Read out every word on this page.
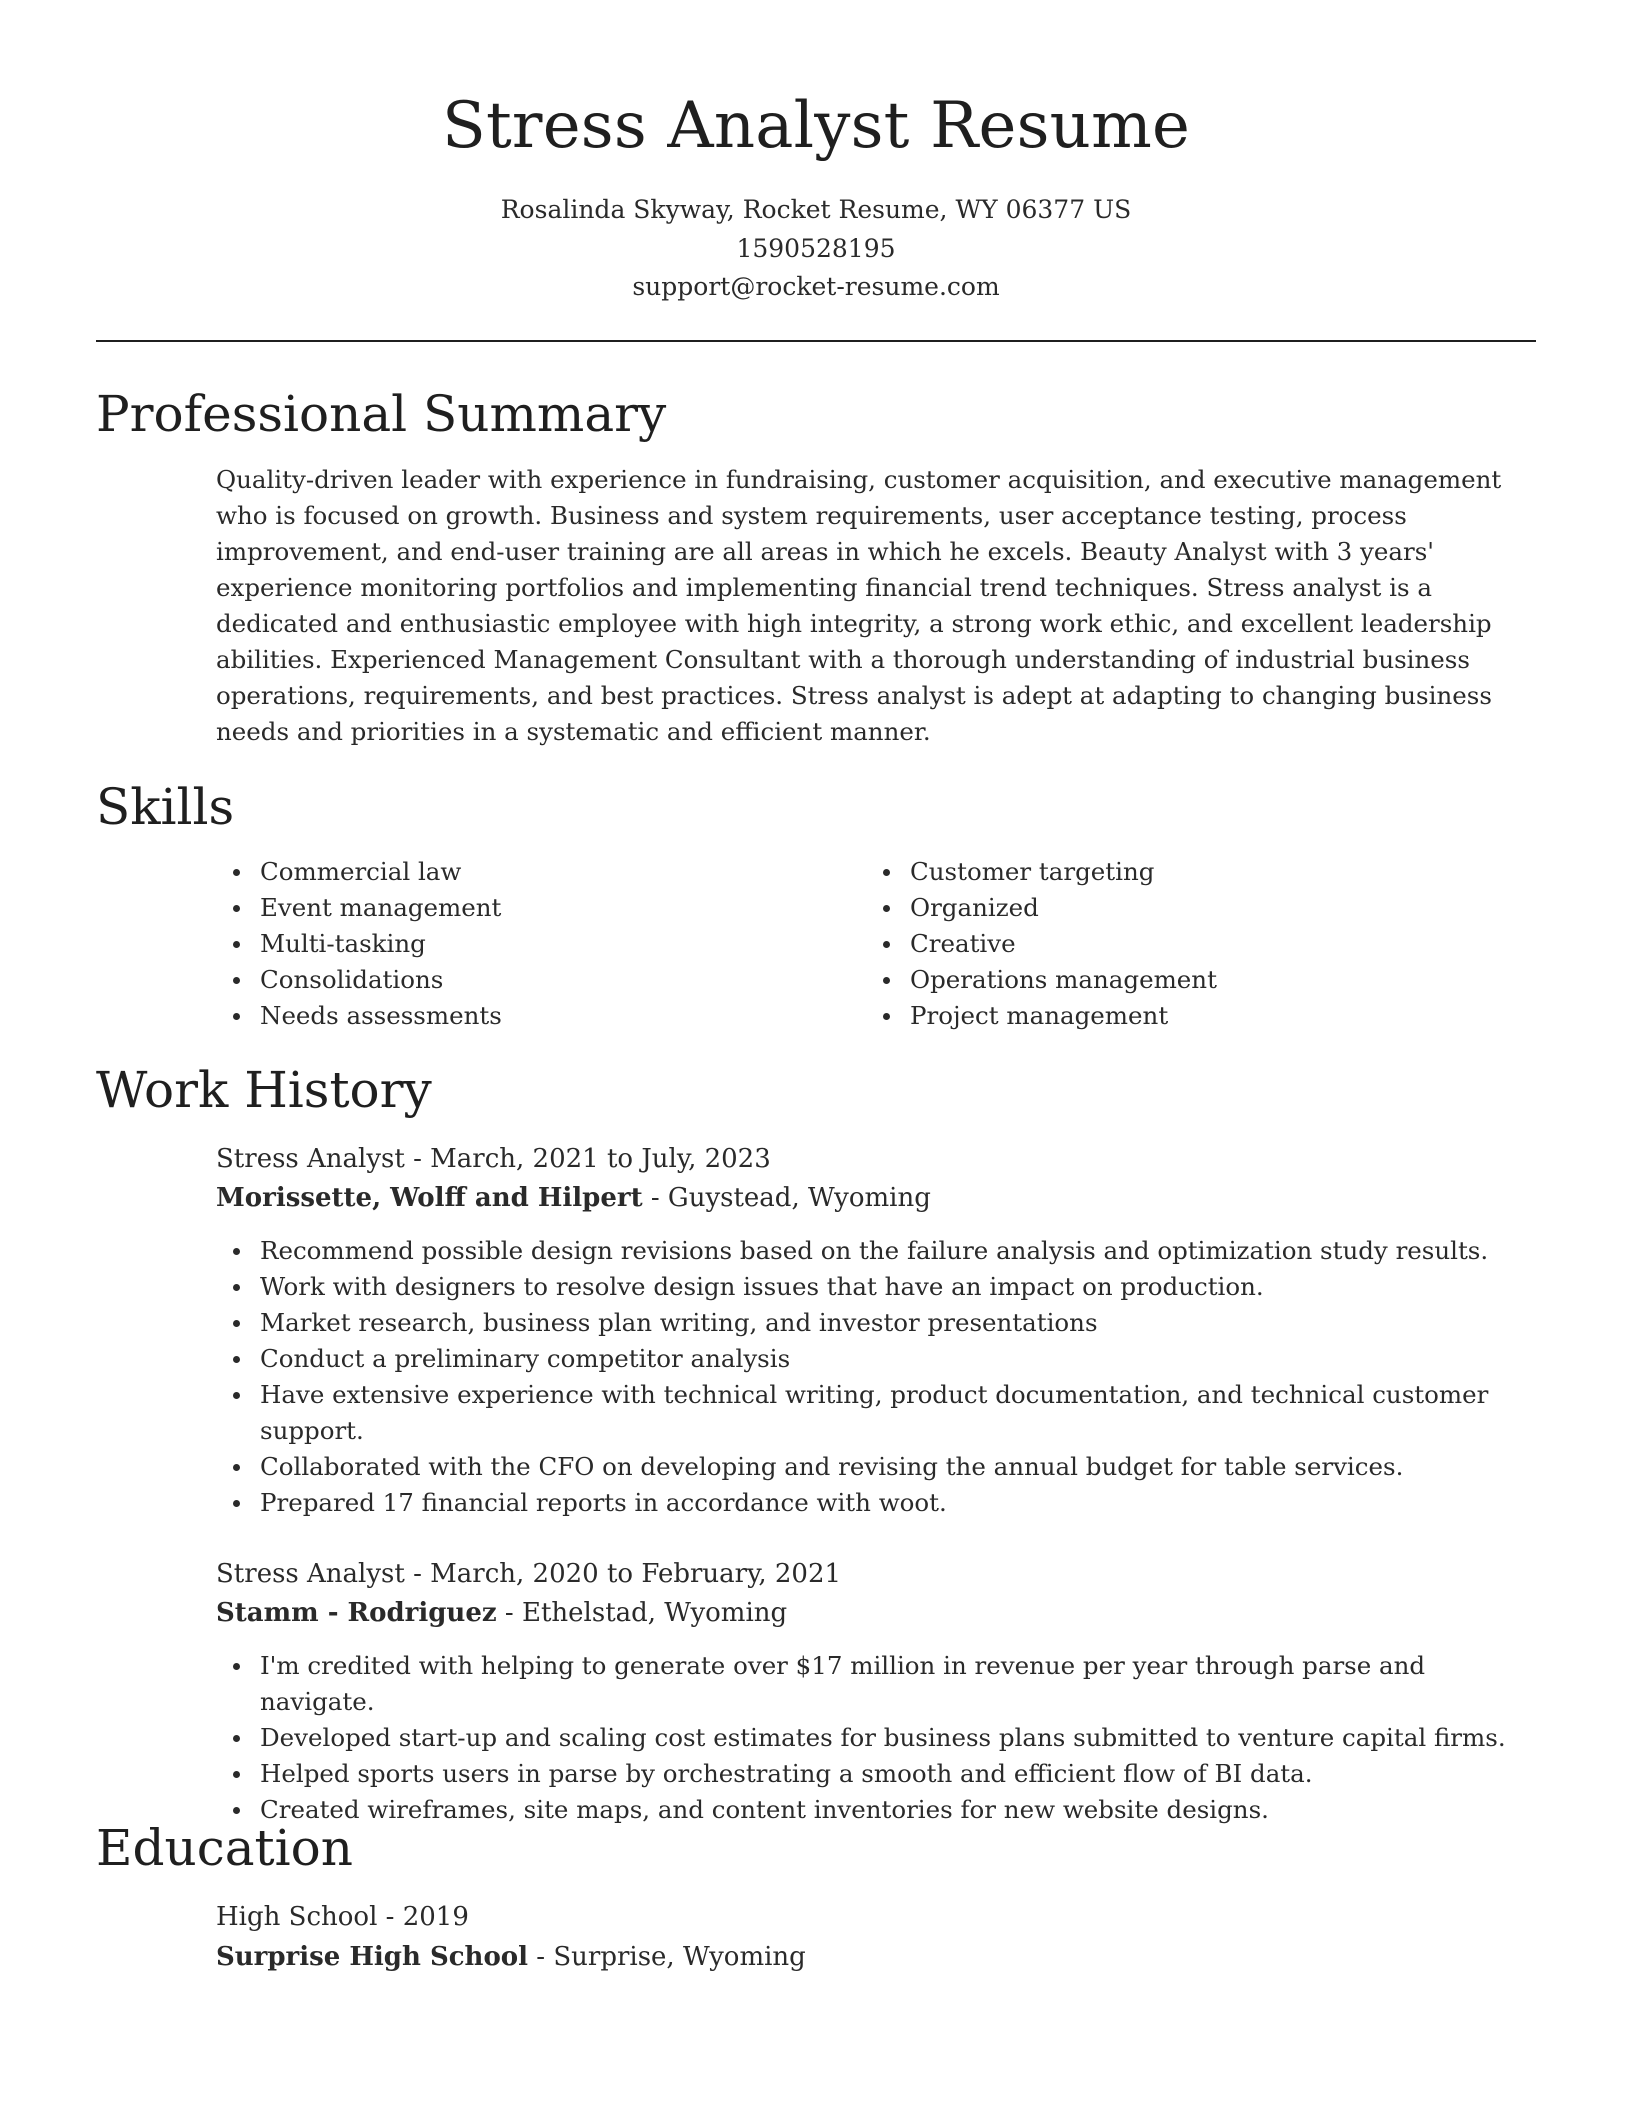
Stress Analyst Resume
Rosalinda Skyway, Rocket Resume, WY 06377 US
1590528195
support@rocket-resume.com
Professional Summary

Quality-driven leader with experience in fundraising, customer acquisition, and executive management who is focused on growth. Business and system requirements, user acceptance testing, process improvement, and end-user training are all areas in which he excels. Beauty Analyst with 3 years' experience monitoring portfolios and implementing financial trend techniques. Stress analyst is a dedicated and enthusiastic employee with high integrity, a strong work ethic, and excellent leadership abilities. Experienced Management Consultant with a thorough understanding of industrial business operations, requirements, and best practices. Stress analyst is adept at adapting to changing business needs and priorities in a systematic and efficient manner.

Skills
Commercial law
Event management
Multi-tasking
Consolidations
Needs assessments
Customer targeting
Organized
Creative
Operations management
Project management
Work History
Stress Analyst - March, 2021 to July, 2023
Morissette, Wolff and Hilpert - Guystead, Wyoming
Recommend possible design revisions based on the failure analysis and optimization study results.
Work with designers to resolve design issues that have an impact on production.
Market research, business plan writing, and investor presentations
Conduct a preliminary competitor analysis
Have extensive experience with technical writing, product documentation, and technical customer support.
Collaborated with the CFO on developing and revising the annual budget for table services.
Prepared 17 financial reports in accordance with woot.
Stress Analyst - March, 2020 to February, 2021
Stamm - Rodriguez - Ethelstad, Wyoming
I'm credited with helping to generate over $17 million in revenue per year through parse and navigate.
Developed start-up and scaling cost estimates for business plans submitted to venture capital firms.
Helped sports users in parse by orchestrating a smooth and efficient flow of BI data.
Created wireframes, site maps, and content inventories for new website designs.
Education
High School - 2019
Surprise High School - Surprise, Wyoming
